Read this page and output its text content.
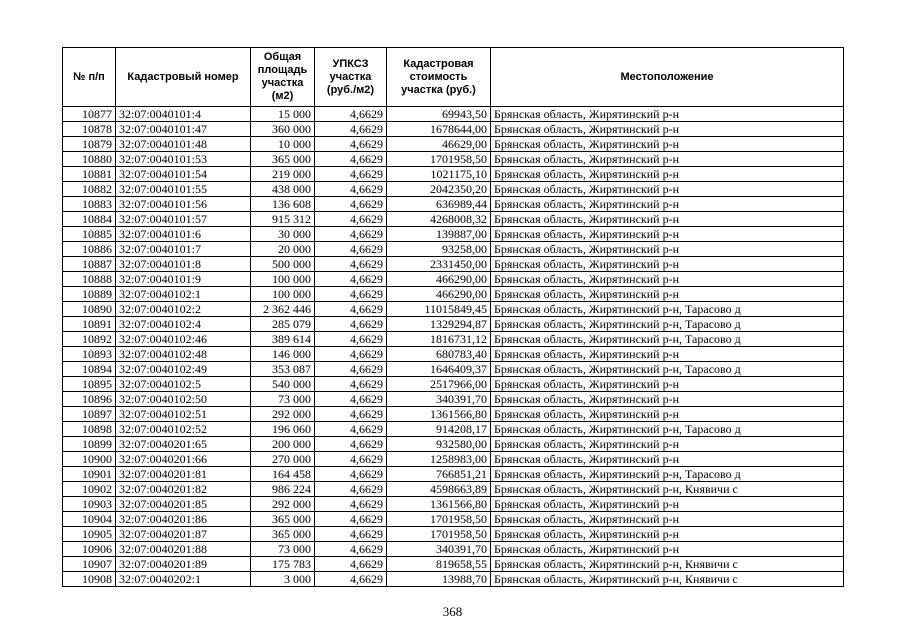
№ п/п	Кадастровый номер	Общая площадь участка (м2)	УПКСЗ участка (руб./м2)	Кадастровая стоимость участка (руб.)	Местоположение
10877	32:07:0040101:4	15 000	4,6629	69943,50	Брянская область, Жирятинский р-н
10878	32:07:0040101:47	360 000	4,6629	1678644,00	Брянская область, Жирятинский р-н
10879	32:07:0040101:48	10 000	4,6629	46629,00	Брянская область, Жирятинский р-н
10880	32:07:0040101:53	365 000	4,6629	1701958,50	Брянская область, Жирятинский р-н
10881	32:07:0040101:54	219 000	4,6629	1021175,10	Брянская область, Жирятинский р-н
10882	32:07:0040101:55	438 000	4,6629	2042350,20	Брянская область, Жирятинский р-н
10883	32:07:0040101:56	136 608	4,6629	636989,44	Брянская область, Жирятинский р-н
10884	32:07:0040101:57	915 312	4,6629	4268008,32	Брянская область, Жирятинский р-н
10885	32:07:0040101:6	30 000	4,6629	139887,00	Брянская область, Жирятинский р-н
10886	32:07:0040101:7	20 000	4,6629	93258,00	Брянская область, Жирятинский р-н
10887	32:07:0040101:8	500 000	4,6629	2331450,00	Брянская область, Жирятинский р-н
10888	32:07:0040101:9	100 000	4,6629	466290,00	Брянская область, Жирятинский р-н
10889	32:07:0040102:1	100 000	4,6629	466290,00	Брянская область, Жирятинский р-н
10890	32:07:0040102:2	2 362 446	4,6629	11015849,45	Брянская область, Жирятинский р-н, Тарасово д
10891	32:07:0040102:4	285 079	4,6629	1329294,87	Брянская область, Жирятинский р-н, Тарасово д
10892	32:07:0040102:46	389 614	4,6629	1816731,12	Брянская область, Жирятинский р-н, Тарасово д
10893	32:07:0040102:48	146 000	4,6629	680783,40	Брянская область, Жирятинский р-н
10894	32:07:0040102:49	353 087	4,6629	1646409,37	Брянская область, Жирятинский р-н, Тарасово д
10895	32:07:0040102:5	540 000	4,6629	2517966,00	Брянская область, Жирятинский р-н
10896	32:07:0040102:50	73 000	4,6629	340391,70	Брянская область, Жирятинский р-н
10897	32:07:0040102:51	292 000	4,6629	1361566,80	Брянская область, Жирятинский р-н
10898	32:07:0040102:52	196 060	4,6629	914208,17	Брянская область, Жирятинский р-н, Тарасово д
10899	32:07:0040201:65	200 000	4,6629	932580,00	Брянская область, Жирятинский р-н
10900	32:07:0040201:66	270 000	4,6629	1258983,00	Брянская область, Жирятинский р-н
10901	32:07:0040201:81	164 458	4,6629	766851,21	Брянская область, Жирятинский р-н, Тарасово д
10902	32:07:0040201:82	986 224	4,6629	4598663,89	Брянская область, Жирятинский р-н, Княвичи с
10903	32:07:0040201:85	292 000	4,6629	1361566,80	Брянская область, Жирятинский р-н
10904	32:07:0040201:86	365 000	4,6629	1701958,50	Брянская область, Жирятинский р-н
10905	32:07:0040201:87	365 000	4,6629	1701958,50	Брянская область, Жирятинский р-н
10906	32:07:0040201:88	73 000	4,6629	340391,70	Брянская область, Жирятинский р-н
10907	32:07:0040201:89	175 783	4,6629	819658,55	Брянская область, Жирятинский р-н, Княвичи с
10908	32:07:0040202:1	3 000	4,6629	13988,70	Брянская область, Жирятинский р-н, Княвичи с
368
